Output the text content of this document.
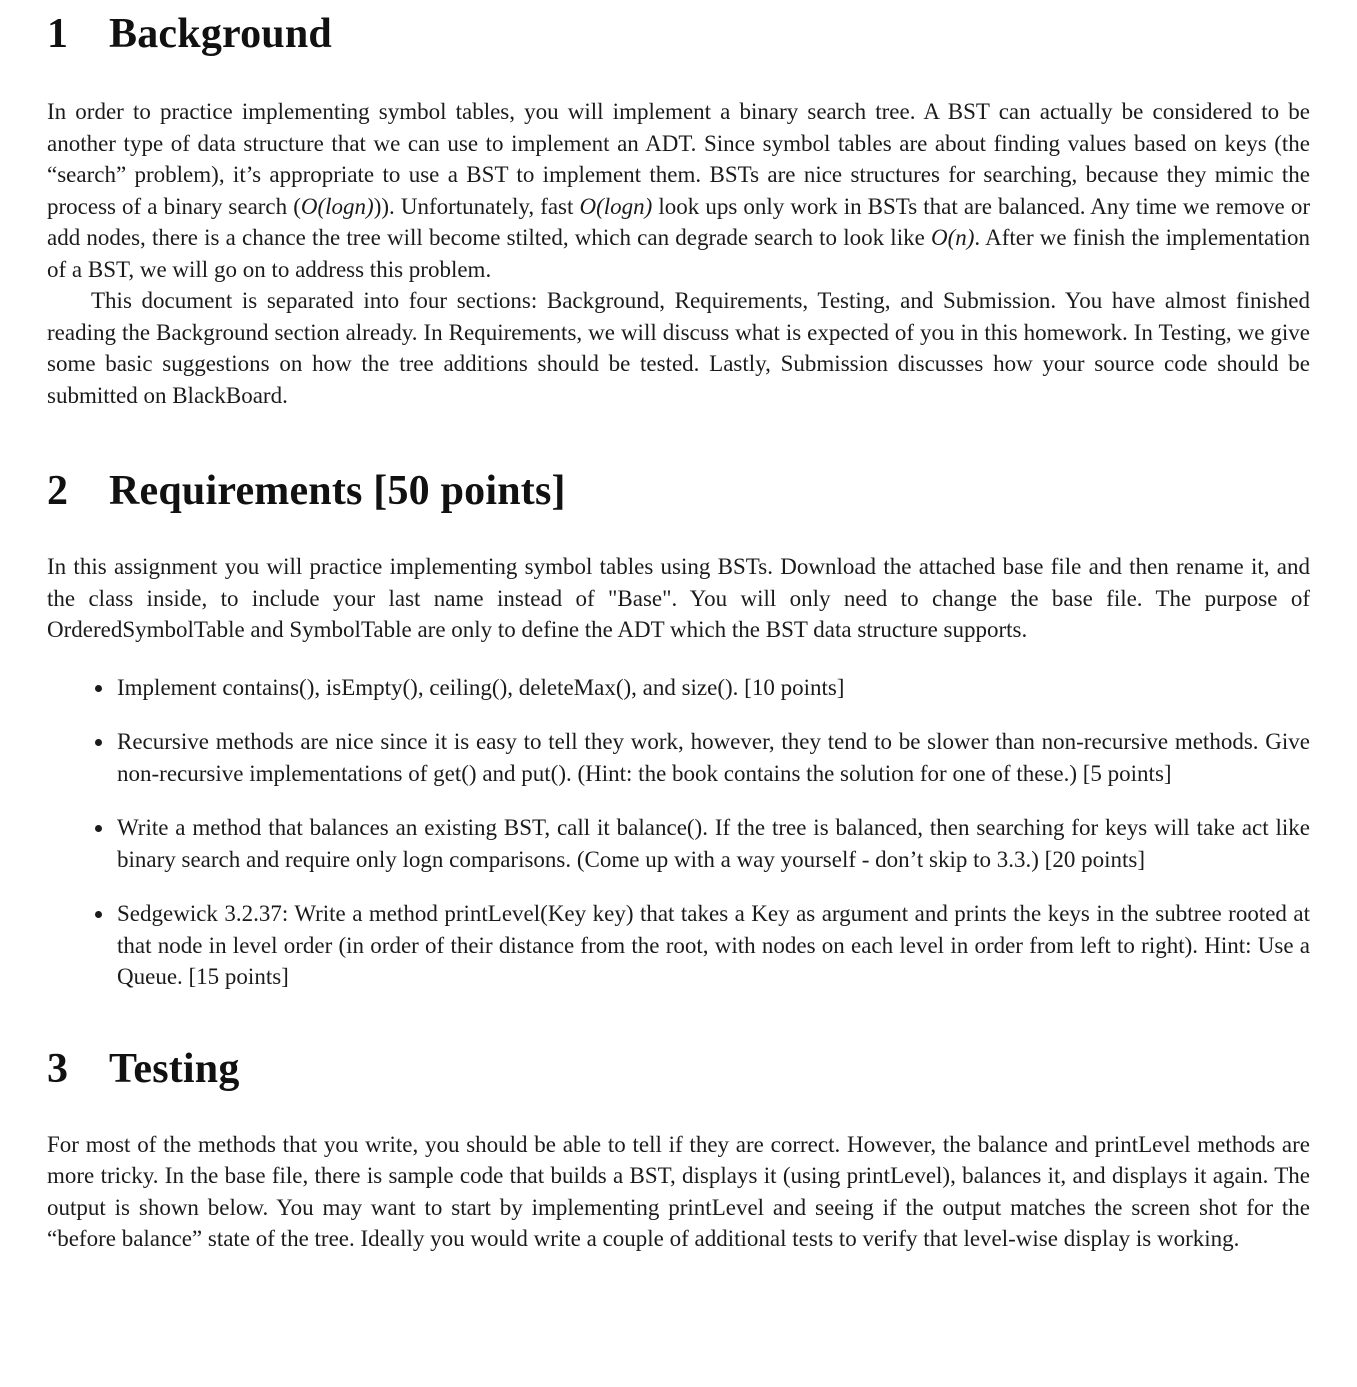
1 Background

In order to practice implementing symbol tables, you will implement a binary search tree. A BST can actually be considered to be another type of data structure that we can use to implement an ADT. Since symbol tables are about finding values based on keys (the “search” problem), it’s appropriate to use a BST to implement them. BSTs are nice structures for searching, because they mimic the process of a binary search (O(logn))). Unfortunately, fast O(logn) look ups only work in BSTs that are balanced. Any time we remove or add nodes, there is a chance the tree will become stilted, which can degrade search to look like O(n). After we finish the implementation of a BST, we will go on to address this problem.

This document is separated into four sections: Background, Requirements, Testing, and Submission. You have almost finished reading the Background section already. In Requirements, we will discuss what is expected of you in this homework. In Testing, we give some basic suggestions on how the tree additions should be tested. Lastly, Submission discusses how your source code should be submitted on BlackBoard.

2 Requirements [50 points]

In this assignment you will practice implementing symbol tables using BSTs. Download the attached base file and then rename it, and the class inside, to include your last name instead of "Base". You will only need to change the base file. The purpose of OrderedSymbolTable and SymbolTable are only to define the ADT which the BST data structure supports.

• Implement contains(), isEmpty(), ceiling(), deleteMax(), and size(). [10 points]
• Recursive methods are nice since it is easy to tell they work, however, they tend to be slower than non-recursive methods. Give non-recursive implementations of get() and put(). (Hint: the book contains the solution for one of these.) [5 points]
• Write a method that balances an existing BST, call it balance(). If the tree is balanced, then searching for keys will take act like binary search and require only logn comparisons. (Come up with a way yourself - don’t skip to 3.3.) [20 points]
• Sedgewick 3.2.37: Write a method printLevel(Key key) that takes a Key as argument and prints the keys in the subtree rooted at that node in level order (in order of their distance from the root, with nodes on each level in order from left to right). Hint: Use a Queue. [15 points]
3 Testing

For most of the methods that you write, you should be able to tell if they are correct. However, the balance and printLevel methods are more tricky. In the base file, there is sample code that builds a BST, displays it (using printLevel), balances it, and displays it again. The output is shown below. You may want to start by implementing printLevel and seeing if the output matches the screen shot for the “before balance” state of the tree. Ideally you would write a couple of additional tests to verify that level-wise display is working.
